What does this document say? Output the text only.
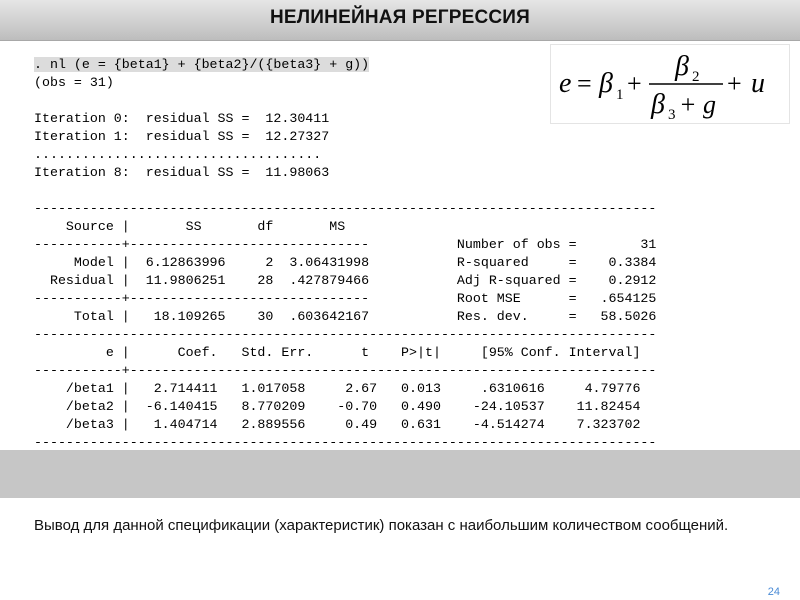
НЕЛИНЕЙНАЯ РЕГРЕССИЯ
. nl (e = {beta1} + {beta2}/({beta3} + g))
(obs = 31)

Iteration 0:  residual SS =  12.30411
Iteration 1:  residual SS =  12.27327
....................................
Iteration 8:  residual SS =  11.98063

------------------------------------------------------------------------------
Source |       SS       df       MS
-----------+------------------------------           Number of obs =        31
Model |  6.12863996     2  3.06431998           R-squared     =    0.3384
Residual |  11.9806251    28  .427879466           Adj R-squared =    0.2912
-----------+------------------------------           Root MSE      =   .654125
Total |   18.109265    30  .603642167           Res. dev.     =   58.5026
------------------------------------------------------------------------------
e |      Coef.   Std. Err.      t    P>|t|     [95% Conf. Interval]
-----------+------------------------------------------------------------------
/beta1 |   2.714411   1.017058     2.67   0.013     .6310616     4.79776
/beta2 |  -6.140415   8.770209    -0.70   0.490    -24.10537    11.82454
/beta3 |   1.404714   2.889556     0.49   0.631    -4.514274    7.323702
------------------------------------------------------------------------------
e = β 1 +
β 2
β 3 + g
+ u

Вывод для данной спецификации (характеристик) показан с наибольшим количеством сообщений.

24
